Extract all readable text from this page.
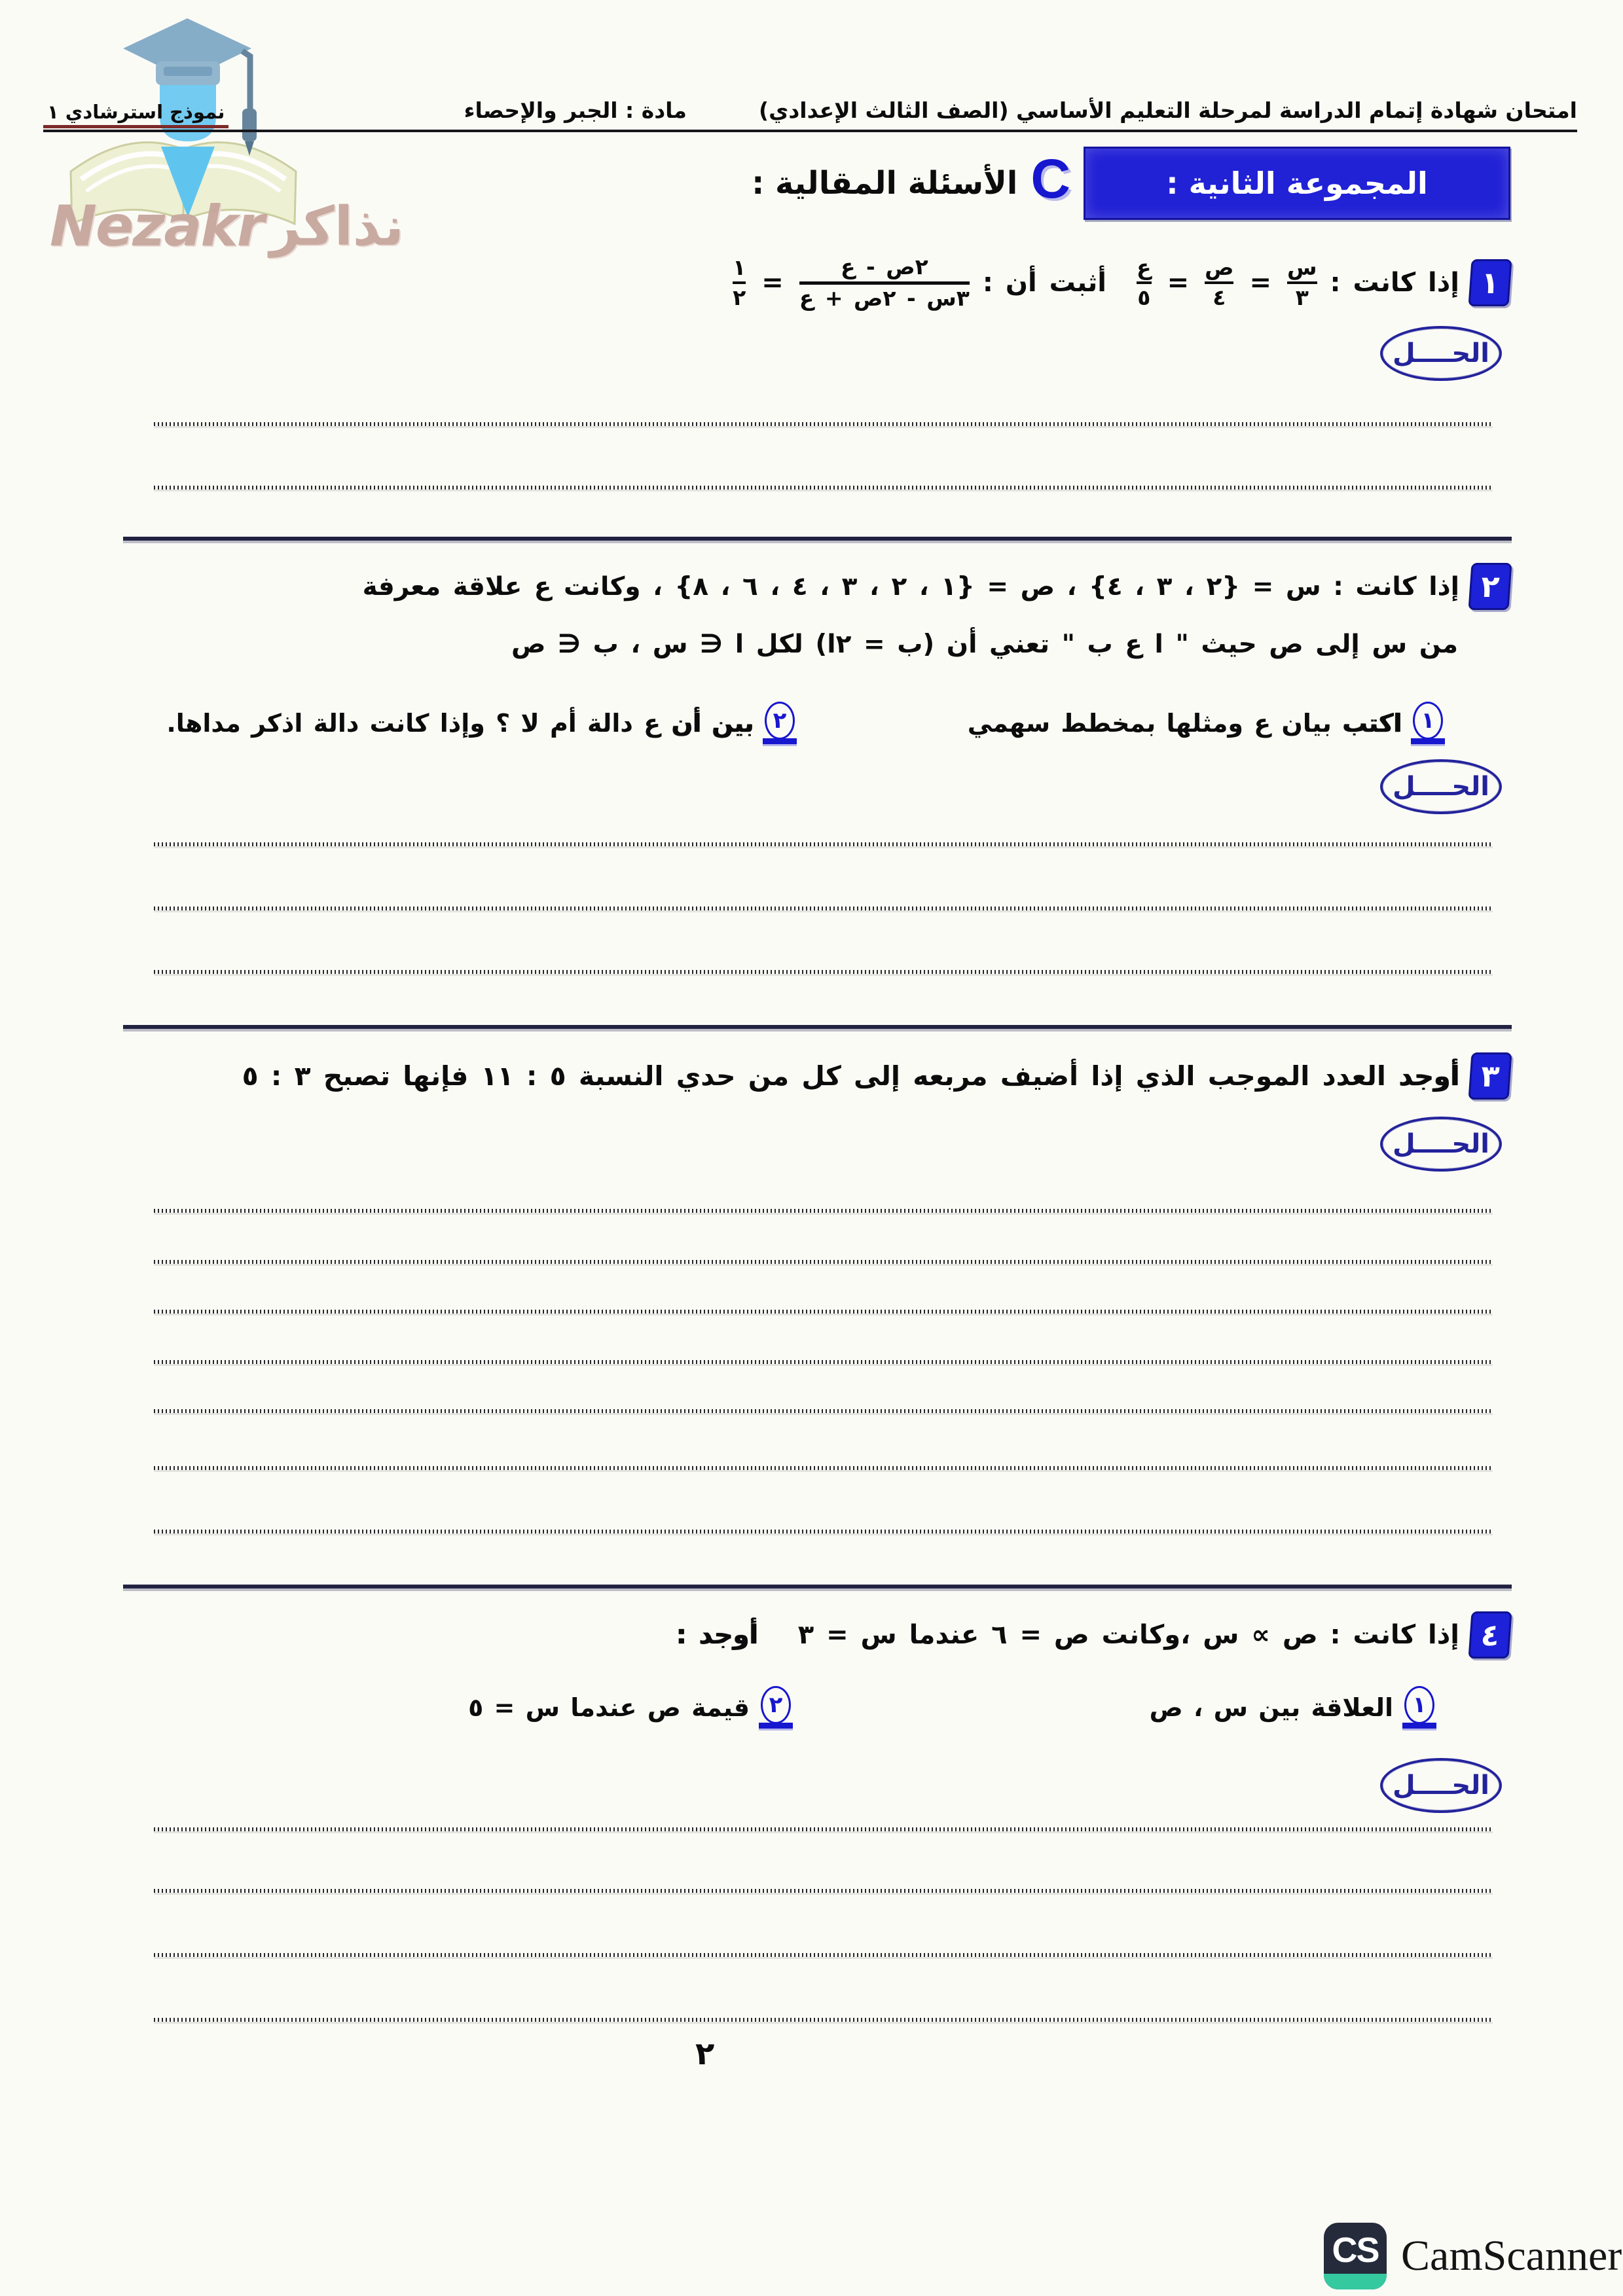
Nezakr نذاكر
امتحان شهادة إتمام الدراسة لمرحلة التعليم الأساسي (الصف الثالث الإعدادي)
مادة : الجبر والإحصاء
نموذج استرشادي ١
المجموعة الثانية :
C
الأسئلة المقالية :
١
إذا كانت :
$\frac{\text{س}}{٣}$
=
$\frac{\text{ص}}{٤}$
=
$\frac{\text{ع}}{٥}$
أثبت أن :
٢ص - ع
٣س - ٢ص + ع
=
$\frac{١}{٢}$
الحــــل
٢
إذا كانت : س = {٢ ، ٣ ، ٤} ، ص = {١ ، ٢ ، ٣ ، ٤ ، ٦ ، ٨} ، وكانت ع علاقة معرفة
من س إلى ص حيث " ا ع ب " تعني أن (ب = ٢ا) لكل ا ∈ س ، ب ∈ ص
١
اكتب بيان ع ومثلها بمخطط سهمي
٢
بين أن ع دالة أم لا ؟ وإذا كانت دالة اذكر مداها.
الحــــل
٣
أوجد العدد الموجب الذي إذا أضيف مربعه إلى كل من حدي النسبة ٥ : ١١ فإنها تصبح ٣ : ٥
الحــــل
٤
إذا كانت : ص ∝ س ،وكانت ص = ٦ عندما س = ٣
أوجد :
١
العلاقة بين س ، ص
٢
قيمة ص عندما س = ٥
الحــــل
٢
CS CamScanner
